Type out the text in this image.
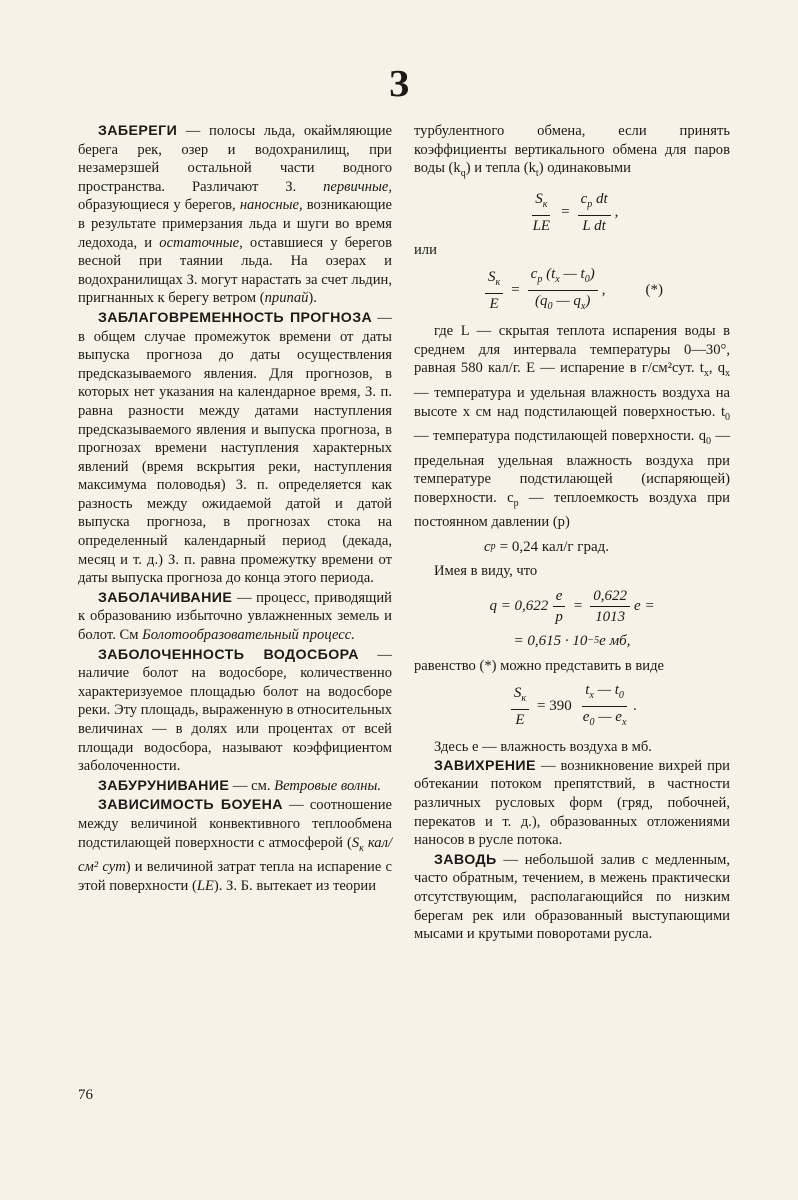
З

ЗАБЕРЕГИ — полосы льда, окаймляющие берега рек, озер и водохранилищ, при незамерзшей остальной части водного пространства. Различают З. первичные, образующиеся у берегов, наносные, возникающие в результате примерзания льда и шуги во время ледохода, и остаточные, оставшиеся у берегов весной при таянии льда. На озерах и водохранилищах З. могут нарастать за счет льдин, пригнанных к берегу ветром (припай).

ЗАБЛАГОВРЕМЕННОСТЬ ПРОГНОЗА — в общем случае промежуток времени от даты выпуска прогноза до даты осуществления предсказываемого явления. Для прогнозов, в которых нет указания на календарное время, З. п. равна разности между датами наступления предсказываемого явления и выпуска прогноза, в прогнозах времени наступления характерных явлений (время вскрытия реки, наступления максимума половодья) З. п. определяется как разность между ожидаемой датой и датой выпуска прогноза, в прогнозах стока на определенный календарный период (декада, месяц и т. д.) З. п. равна промежутку времени от даты выпуска прогноза до конца этого периода.

ЗАБОЛАЧИВАНИЕ — процесс, приводящий к образованию избыточно увлажненных земель и болот. См Болотообразовательный процесс.

ЗАБОЛОЧЕННОСТЬ ВОДОСБОРА — наличие болот на водосборе, количественно характеризуемое площадью болот на водосборе реки. Эту площадь, выраженную в относительных величинах — в долях или процентах от всей площади водосбора, называют коэффициентом заболоченности.

ЗАБУРУНИВАНИЕ — см. Ветровые волны.

ЗАВИСИМОСТЬ БОУЕНА — соотношение между величиной конвективного теплообмена подстилающей поверхности с атмосферой ($S_к$ кал/см² сут) и величиной затрат тепла на испарение с этой поверхности (LE). З. Б. вытекает из теории

турбулентного обмена, если принять коэффициенты вертикального обмена для паров воды $(k_q)$ и тепла $(k_t)$ одинаковыми

$\frac{S_к}{LE} = \frac{c_p dt}{\text{L dt}}$ ,

или

$\frac{S_к}{E} = \frac{c_p (t_x — t_0)}{(q_0 — q_x)}$ ,	(*)

где L — скрытая теплота испарения воды в среднем для интервала температуры 0—30°, равная 580 кал/г. E — испарение в г/см²сут. $t_x$, $q_x$ — температура и удельная влажность воздуха на высоте x см над подстилающей поверхностью. $t_0$ — температура подстилающей поверхности. $q_0$ — предельная удельная влажность воздуха при температуре подстилающей (испаряющей) поверхности. $c_p$ — теплоемкость воздуха при постоянном давлении (p)

c p = 0,24 кал/г град.

Имея в виду, что

$q = 0,622 \frac{e}{p} = \frac{0,622}{1013}$ e =
= 0,615 · 10 −5 e мб,

равенство (*) можно представить в виде

$\frac{S_к}{E} = 390 \frac{t_x — t_0}{e_0 — e_x}$ .

Здесь e — влажность воздуха в мб.

ЗАВИХРЕНИЕ — возникновение вихрей при обтекании потоком препятствий, в частности различных русловых форм (гряд, побочней, перекатов и т. д.), образованных отложениями наносов в русле потока.

ЗАВОДЬ — небольшой залив с медленным, часто обратным, течением, в межень практически отсутствующим, располагающийся по низким берегам рек или образованный выступающими мысами и крутыми поворотами русла.

76
